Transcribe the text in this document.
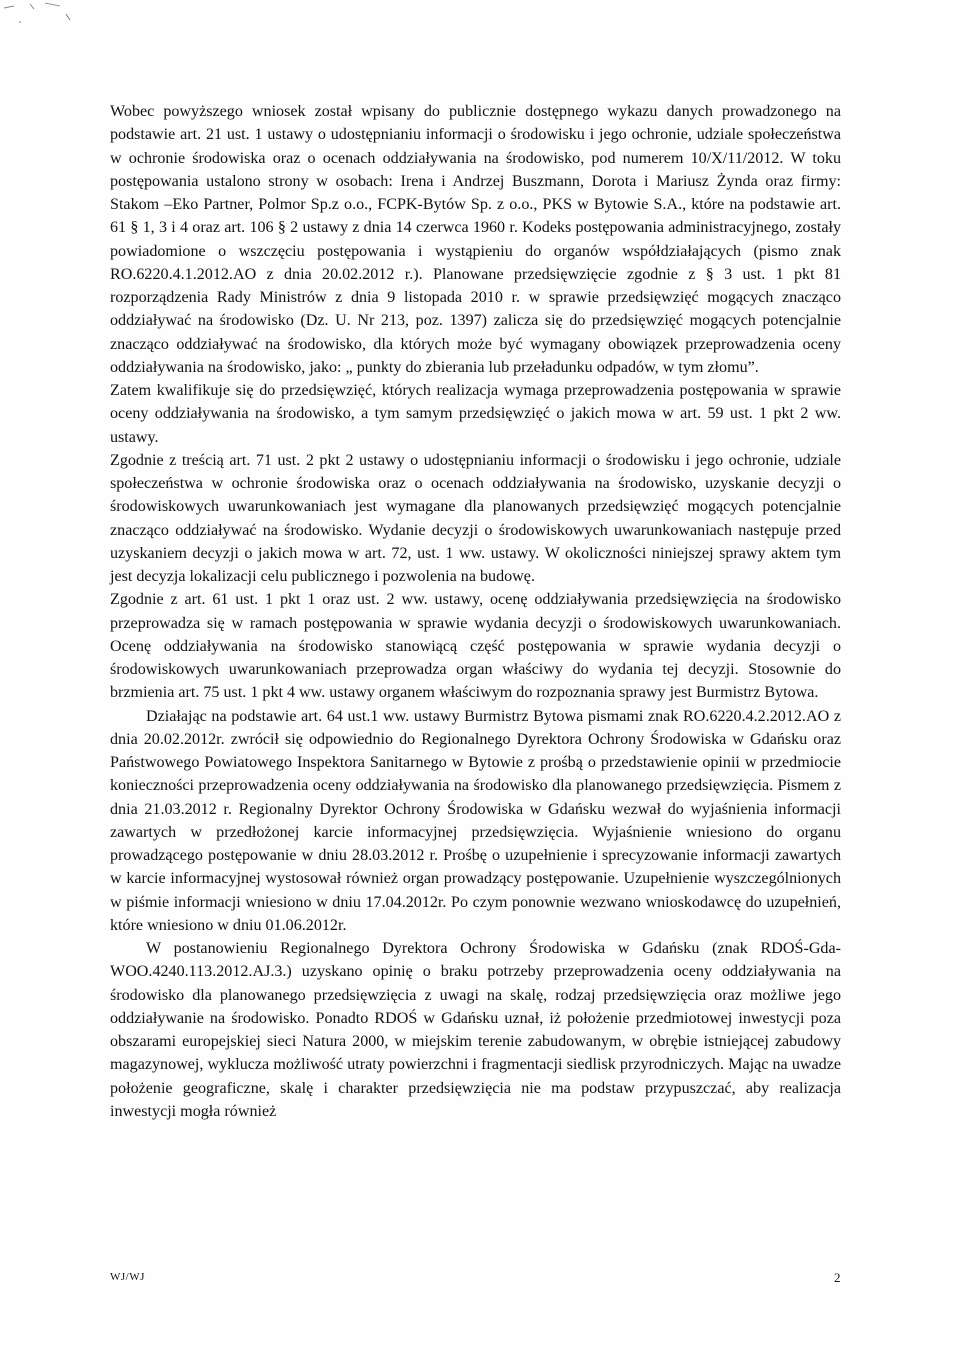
Wobec powyższego wniosek został wpisany do publicznie dostępnego wykazu danych prowadzonego na podstawie art. 21 ust. 1 ustawy o udostępnianiu informacji o środowisku i jego ochronie, udziale społeczeństwa w ochronie środowiska oraz o ocenach oddziaływania na środowisko, pod numerem 10/X/11/2012. W toku postępowania ustalono strony w osobach: Irena i Andrzej Buszmann, Dorota i Mariusz Żynda oraz firmy: Stakom –Eko Partner, Polmor Sp.z o.o., FCPK-Bytów Sp. z o.o., PKS w Bytowie S.A., które na podstawie art. 61 § 1, 3 i 4 oraz art. 106 § 2 ustawy z dnia 14 czerwca 1960 r. Kodeks postępowania administracyjnego, zostały powiadomione o wszczęciu postępowania i wystąpieniu do organów współdziałających (pismo znak RO.6220.4.1.2012.AO z dnia 20.02.2012 r.). Planowane przedsięwzięcie zgodnie z § 3 ust. 1 pkt 81 rozporządzenia Rady Ministrów z dnia 9 listopada 2010 r. w sprawie przedsięwzięć mogących znacząco oddziaływać na środowisko (Dz. U. Nr 213, poz. 1397) zalicza się do przedsięwzięć mogących potencjalnie znacząco oddziaływać na środowisko, dla których może być wymagany obowiązek przeprowadzenia oceny oddziaływania na środowisko, jako: „ punkty do zbierania lub przeładunku odpadów, w tym złomu”.

Zatem kwalifikuje się do przedsięwzięć, których realizacja wymaga przeprowadzenia postępowania w sprawie oceny oddziaływania na środowisko, a tym samym przedsięwzięć o jakich mowa w art. 59 ust. 1 pkt 2 ww. ustawy.

Zgodnie z treścią art. 71 ust. 2 pkt 2 ustawy o udostępnianiu informacji o środowisku i jego ochronie, udziale społeczeństwa w ochronie środowiska oraz o ocenach oddziaływania na środowisko, uzyskanie decyzji o środowiskowych uwarunkowaniach jest wymagane dla planowanych przedsięwzięć mogących potencjalnie znacząco oddziaływać na środowisko. Wydanie decyzji o środowiskowych uwarunkowaniach następuje przed uzyskaniem decyzji o jakich mowa w art. 72, ust. 1 ww. ustawy. W okoliczności niniejszej sprawy aktem tym jest decyzja lokalizacji celu publicznego i pozwolenia na budowę.

Zgodnie z art. 61 ust. 1 pkt 1 oraz ust. 2 ww. ustawy, ocenę oddziaływania przedsięwzięcia na środowisko przeprowadza się w ramach postępowania w sprawie wydania decyzji o środowiskowych uwarunkowaniach. Ocenę oddziaływania na środowisko stanowiącą część postępowania w sprawie wydania decyzji o środowiskowych uwarunkowaniach przeprowadza organ właściwy do wydania tej decyzji. Stosownie do brzmienia art. 75 ust. 1 pkt 4 ww. ustawy organem właściwym do rozpoznania sprawy jest Burmistrz Bytowa.

Działając na podstawie art. 64 ust.1 ww. ustawy Burmistrz Bytowa pismami znak RO.6220.4.2.2012.AO z dnia 20.02.2012r. zwrócił się odpowiednio do Regionalnego Dyrektora Ochrony Środowiska w Gdańsku oraz Państwowego Powiatowego Inspektora Sanitarnego w Bytowie z prośbą o przedstawienie opinii w przedmiocie konieczności przeprowadzenia oceny oddziaływania na środowisko dla planowanego przedsięwzięcia. Pismem z dnia 21.03.2012 r. Regionalny Dyrektor Ochrony Środowiska w Gdańsku wezwał do wyjaśnienia informacji zawartych w przedłożonej karcie informacyjnej przedsięwzięcia. Wyjaśnienie wniesiono do organu prowadzącego postępowanie w dniu 28.03.2012 r. Prośbę o uzupełnienie i sprecyzowanie informacji zawartych w karcie informacyjnej wystosował również organ prowadzący postępowanie. Uzupełnienie wyszczególnionych w piśmie informacji wniesiono w dniu 17.04.2012r. Po czym ponownie wezwano wnioskodawcę do uzupełnień, które wniesiono w dniu 01.06.2012r.

W postanowieniu Regionalnego Dyrektora Ochrony Środowiska w Gdańsku (znak RDOŚ-Gda-WOO.4240.113.2012.AJ.3.) uzyskano opinię o braku potrzeby przeprowadzenia oceny oddziaływania na środowisko dla planowanego przedsięwzięcia z uwagi na skalę, rodzaj przedsięwzięcia oraz możliwe jego oddziaływanie na środowisko. Ponadto RDOŚ w Gdańsku uznał, iż położenie przedmiotowej inwestycji poza obszarami europejskiej sieci Natura 2000, w miejskim terenie zabudowanym, w obrębie istniejącej zabudowy magazynowej, wyklucza możliwość utraty powierzchni i fragmentacji siedlisk przyrodniczych. Mając na uwadze położenie geograficzne, skalę i charakter przedsięwzięcia nie ma podstaw przypuszczać, aby realizacja inwestycji mogła również

WJ/WJ	2
